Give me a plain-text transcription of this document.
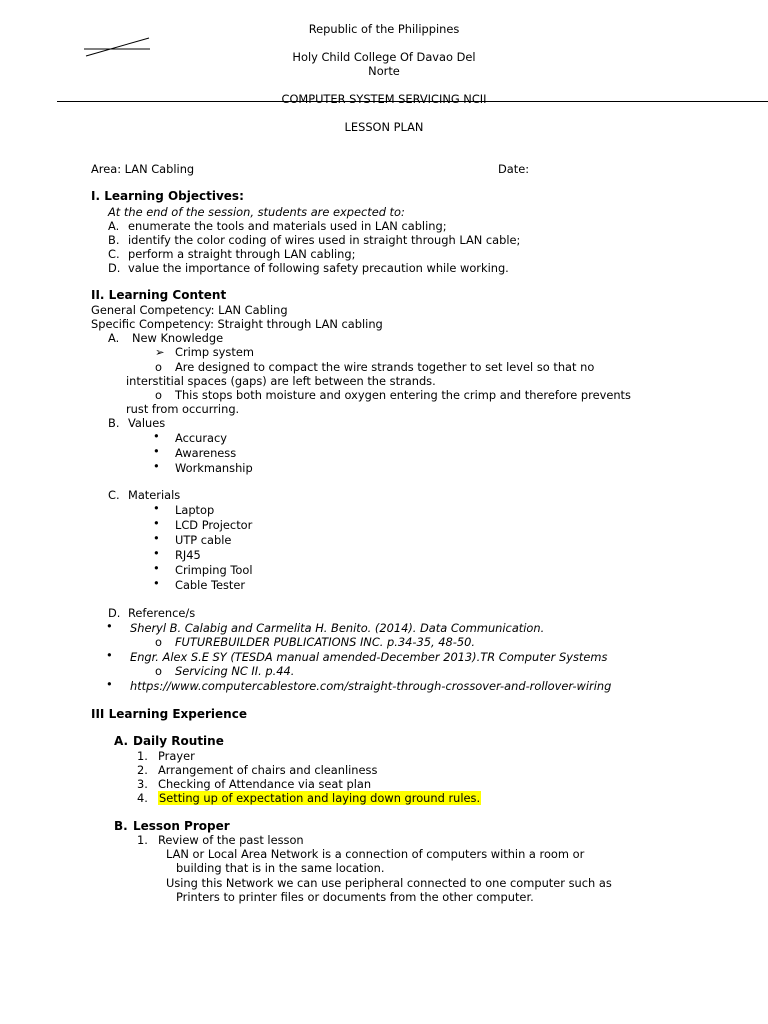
Republic of the Philippines
Holy Child College Of Davao Del
Norte
COMPUTER SYSTEM SERVICING NCII
LESSON PLAN
Area: LAN Cabling	Date:
I. Learning Objectives:
At the end of the session, students are expected to:
A. enumerate the tools and materials used in LAN cabling;
B. identify the color coding of wires used in straight through LAN cable;
C. perform a straight through LAN cabling;
D. value the importance of following safety precaution while working.
II. Learning Content
General Competency: LAN Cabling
Specific Competency: Straight through LAN cabling
A. New Knowledge
➢ Crimp system
o Are designed to compact the wire strands together to set level so that no
interstitial spaces (gaps) are left between the strands.
o This stops both moisture and oxygen entering the crimp and therefore prevents
rust from occurring.
B. Values
• Accuracy
• Awareness
• Workmanship
C. Materials
• Laptop
• LCD Projector
• UTP cable
• RJ45
• Crimping Tool
• Cable Tester
D. Reference/s
• Sheryl B. Calabig and Carmelita H. Benito. (2014). Data Communication.
o FUTUREBUILDER PUBLICATIONS INC. p.34-35, 48-50.
• Engr. Alex S.E SY (TESDA manual amended-December 2013).TR Computer Systems
o Servicing NC II. p.44.
• https://www.computercablestore.com/straight-through-crossover-and-rollover-wiring
III Learning Experience
A. Daily Routine
1. Prayer
2. Arrangement of chairs and cleanliness
3. Checking of Attendance via seat plan
4. Setting up of expectation and laying down ground rules.
B. Lesson Proper
1. Review of the past lesson
LAN or Local Area Network is a connection of computers within a room or
building that is in the same location.
Using this Network we can use peripheral connected to one computer such as
Printers to printer files or documents from the other computer.
